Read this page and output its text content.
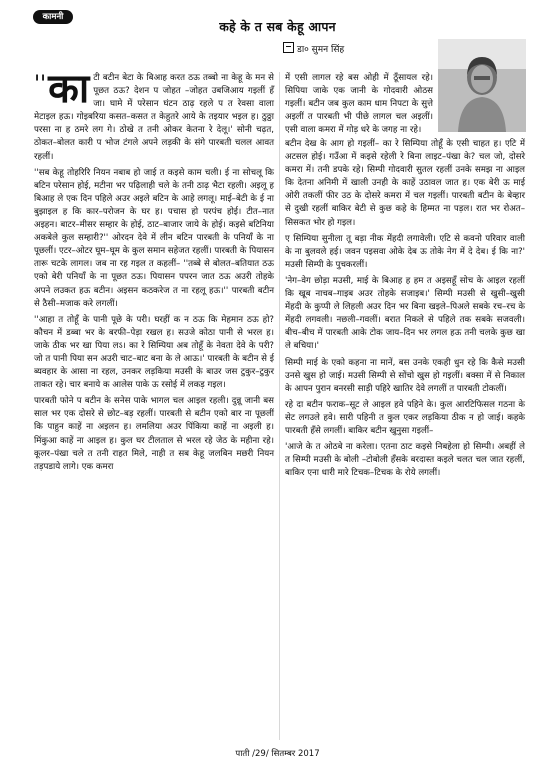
कामनी
कहे के त सब केहू आपन
डा० सुमन सिंह

'' का टी बटीन बेटा के बिआह करत ठऊ तब्बो ना केहू के मन से पूछत ठऊ? देशन प जोहत –जोहत उबजिआय गइलीं हँ जा। घामे में परेसान घंटन ठाढ़ रहले प त रेवसा वाला मेटाइल हऊ। गोइबरिया कसत–कसत त केहुतरे आये के तइयार भइल ह। ठुठ्ठा परसा ना ह ठमरे लग गे। ठोखे त तनी ओकर केतना रे देलू।' सोनी चढ़त, ठोकत–बोलत कारी प भोज टंगले अपने लड़की के संगे पारबती चलल आवत रहलीं।

''सब केहू तोहरिरि नियन नबाब हो जाई त कइसे काम चली। ई ना सोचलू कि बटिन परेसान होई, मटीना भर पढ़िलाही चले के तनी ठाढ़ भैटा रहली। अइलू ह बिआह ले एक दिन पहिले अउर अइले बटिन के आहे लगलू। माई–बेटी के ई ना बुझाइल ह कि कार–परोजन के घर ह। पचास हो परपंच होई। टीत–नात अइहन। बाटर–मीसर सम्हार के होई, ठाट–बाजार जाये के होई। कइसे बटिनिया अकबेले कुल सम्हारी?'' ओरदन देवे में लीन बटिन पारबती के पनियाँ के ना पूछलीं। एटर–ओटर घूम–घूम के कुल समान सहेजत रहलीं। पारबती के पियासन तारू चटके लागल। जब ना रह गइल त कहलीं– ''तब्बे से बोलत–बतियात ठऊ एको बेरी पनियाँ के ना पूछत ठऊ। पियासन पपरन जात ठऊ अउरी तोहके अपने लउकत हऊ बटीन। अइसन कठकरेज त ना रहलू हऊ।'' पारबती बटीन से ठैसी–मजाक करे लगलीं।

''आहा त तोहूँ के पानी पूछे के परी। घरहीं क न ठऊ कि मेहमान ठऊ हो? कौचन में डब्बा भर के बरफी–पेड़ा रखल ह। सउजे कोठा पानी से भरल ह। जाके ठीक भर खा पिया लऽ। का रे सिम्पिया अब तोहूँ के नेवता देवे के परी? जो त पानी पिया सन अउरी चाट–बाट बना के ले आऊ।' पारबती के बटीन से ई ब्यवहार के आसा ना रहल, उनकर लड़किया मउसी के बाउर जस टुकुर–टुकुर ताकत रहे। चार बनाये क आलेस पाके ऊ रसोई में लकड़ गइल।

पारबती फोने प बटीन के सनेस पाके भागल चल आइल रहली। दुन्नू जानी बस साल भर एक दोसरे से छोट–बड़ रहलीं। पारबती से बटीन एको बार ना पूछलीं कि पाहुन काहें ना अइलन ह। लमलिया अउर पिंकिया काहें ना अइली ह। मिंकुआ काहें ना आइल ह। कुल घर टीलताल से भरल रहे जेठ के महीना रहे। कूलर–पंखा चले त तनी राहत मिले, नाही त सब केहू जलबिन मछरी नियन तड़पडाये लागे। एक कमरा

में एसी लागल रहे बस ओही में ठूँसायल रहे। सिपिया जाके एक जानी के गोदवारी ओठस गइलीं। बटीन जब कुल काम धाम निपटा के सुत्ते अइलीं त पारबती भी पीछे लागल चल अइलीं। एसी वाला कमरा में गोड़ धरे के जगह ना रहे।

बटीन देख के आग हो गइलीं– का रे सिम्पिया तोहूँ के एसी चाहत ह। एटि में अटसल होई। गउँआ में कइसे रहेली रे बिना लाइट–पंखा के? चल जो, दोसरे कमरा में। तनी डपके रहे। सिम्पी गोदवारी सुतल रहलीं उनके समझ ना आइल कि देतना अनिमी में खाली उनही के काहें उठावल जात ह। एक बेरी ऊ माई ओरी तकलीं फीर उठ के दोसरे कमरा में चल गइलीं। पारबती बटीन के बेव्हार से दुखी रहलीं बाकिर बेटी से कुछ कहे के हिम्मत ना पड़ल। रात भर रोअत–सिसकत भोर हो गइल।

ए सिम्पिया सुनीला तू बड़ा नीक मेंहदी लगावेली। एटि से कवनो परिवार वाली के ना बुलवले हई। जवन पइसवा ओके देब ऊ तोके नेग में दे देब। ई कि ना?' मउसी सिम्पी के पुचकरलीं।

'नेग–वेग छोड़ा मउसी, माई के बिआह ह हम त अइसहूँ सोच के आइल रहलीं कि खूब नाचब–गाइब अउर तोहके सजाइब।' सिम्पी मउसी से खुसी–खुसी मेंहदी के कुप्पी ले लिहली अउर दिन भर बिना खइले–पिअले सबके रच–रच के मेंहदी लगवली। नछली–गवलीं। बरात निकले से पहिले तक सबके सजवली। बीच–बीच में पारबती आके टोक जाय–दिन भर लगल हऊ तनी चलके कुछ खा ले बचिया।'

सिम्पी माई के एको कहना ना मानें, बस उनके एकही धुन रहे कि कैसे मउसी उनसे खुस हो जाई। मउसी सिम्पी से सोंचो खुस हो गइलीं। बक्सा में से निकाल के आपन पुरान बनरसी साड़ी पहिरे खातिर देवे लगलीं त पारबती टोकलीं।

रहे दा बटीन फराक–सूट ले आइल हवे पहिने के। कुल आरटिफिसल गठना के सेट लगउले हवे। सारी पहिनी त कुल एकर लड़किया ठीक न हो जाई। कहके पारबती हँसे लगलीं। बाकिर बटीन खुनुसा गइलीं–

'आजे के त ओठबे ना करेला। एतना ठाट कइसे निबहेला हो सिम्पी। अबहीं ले त सिम्पी मउसी के बोली –टोबोली हँसके बरदास्त कइले चलत चल जात रहलीं, बाकिर एना धारी मारे टिचक–टिचक के रोये लगलीं।

पाती /29/ सितम्बर 2017
